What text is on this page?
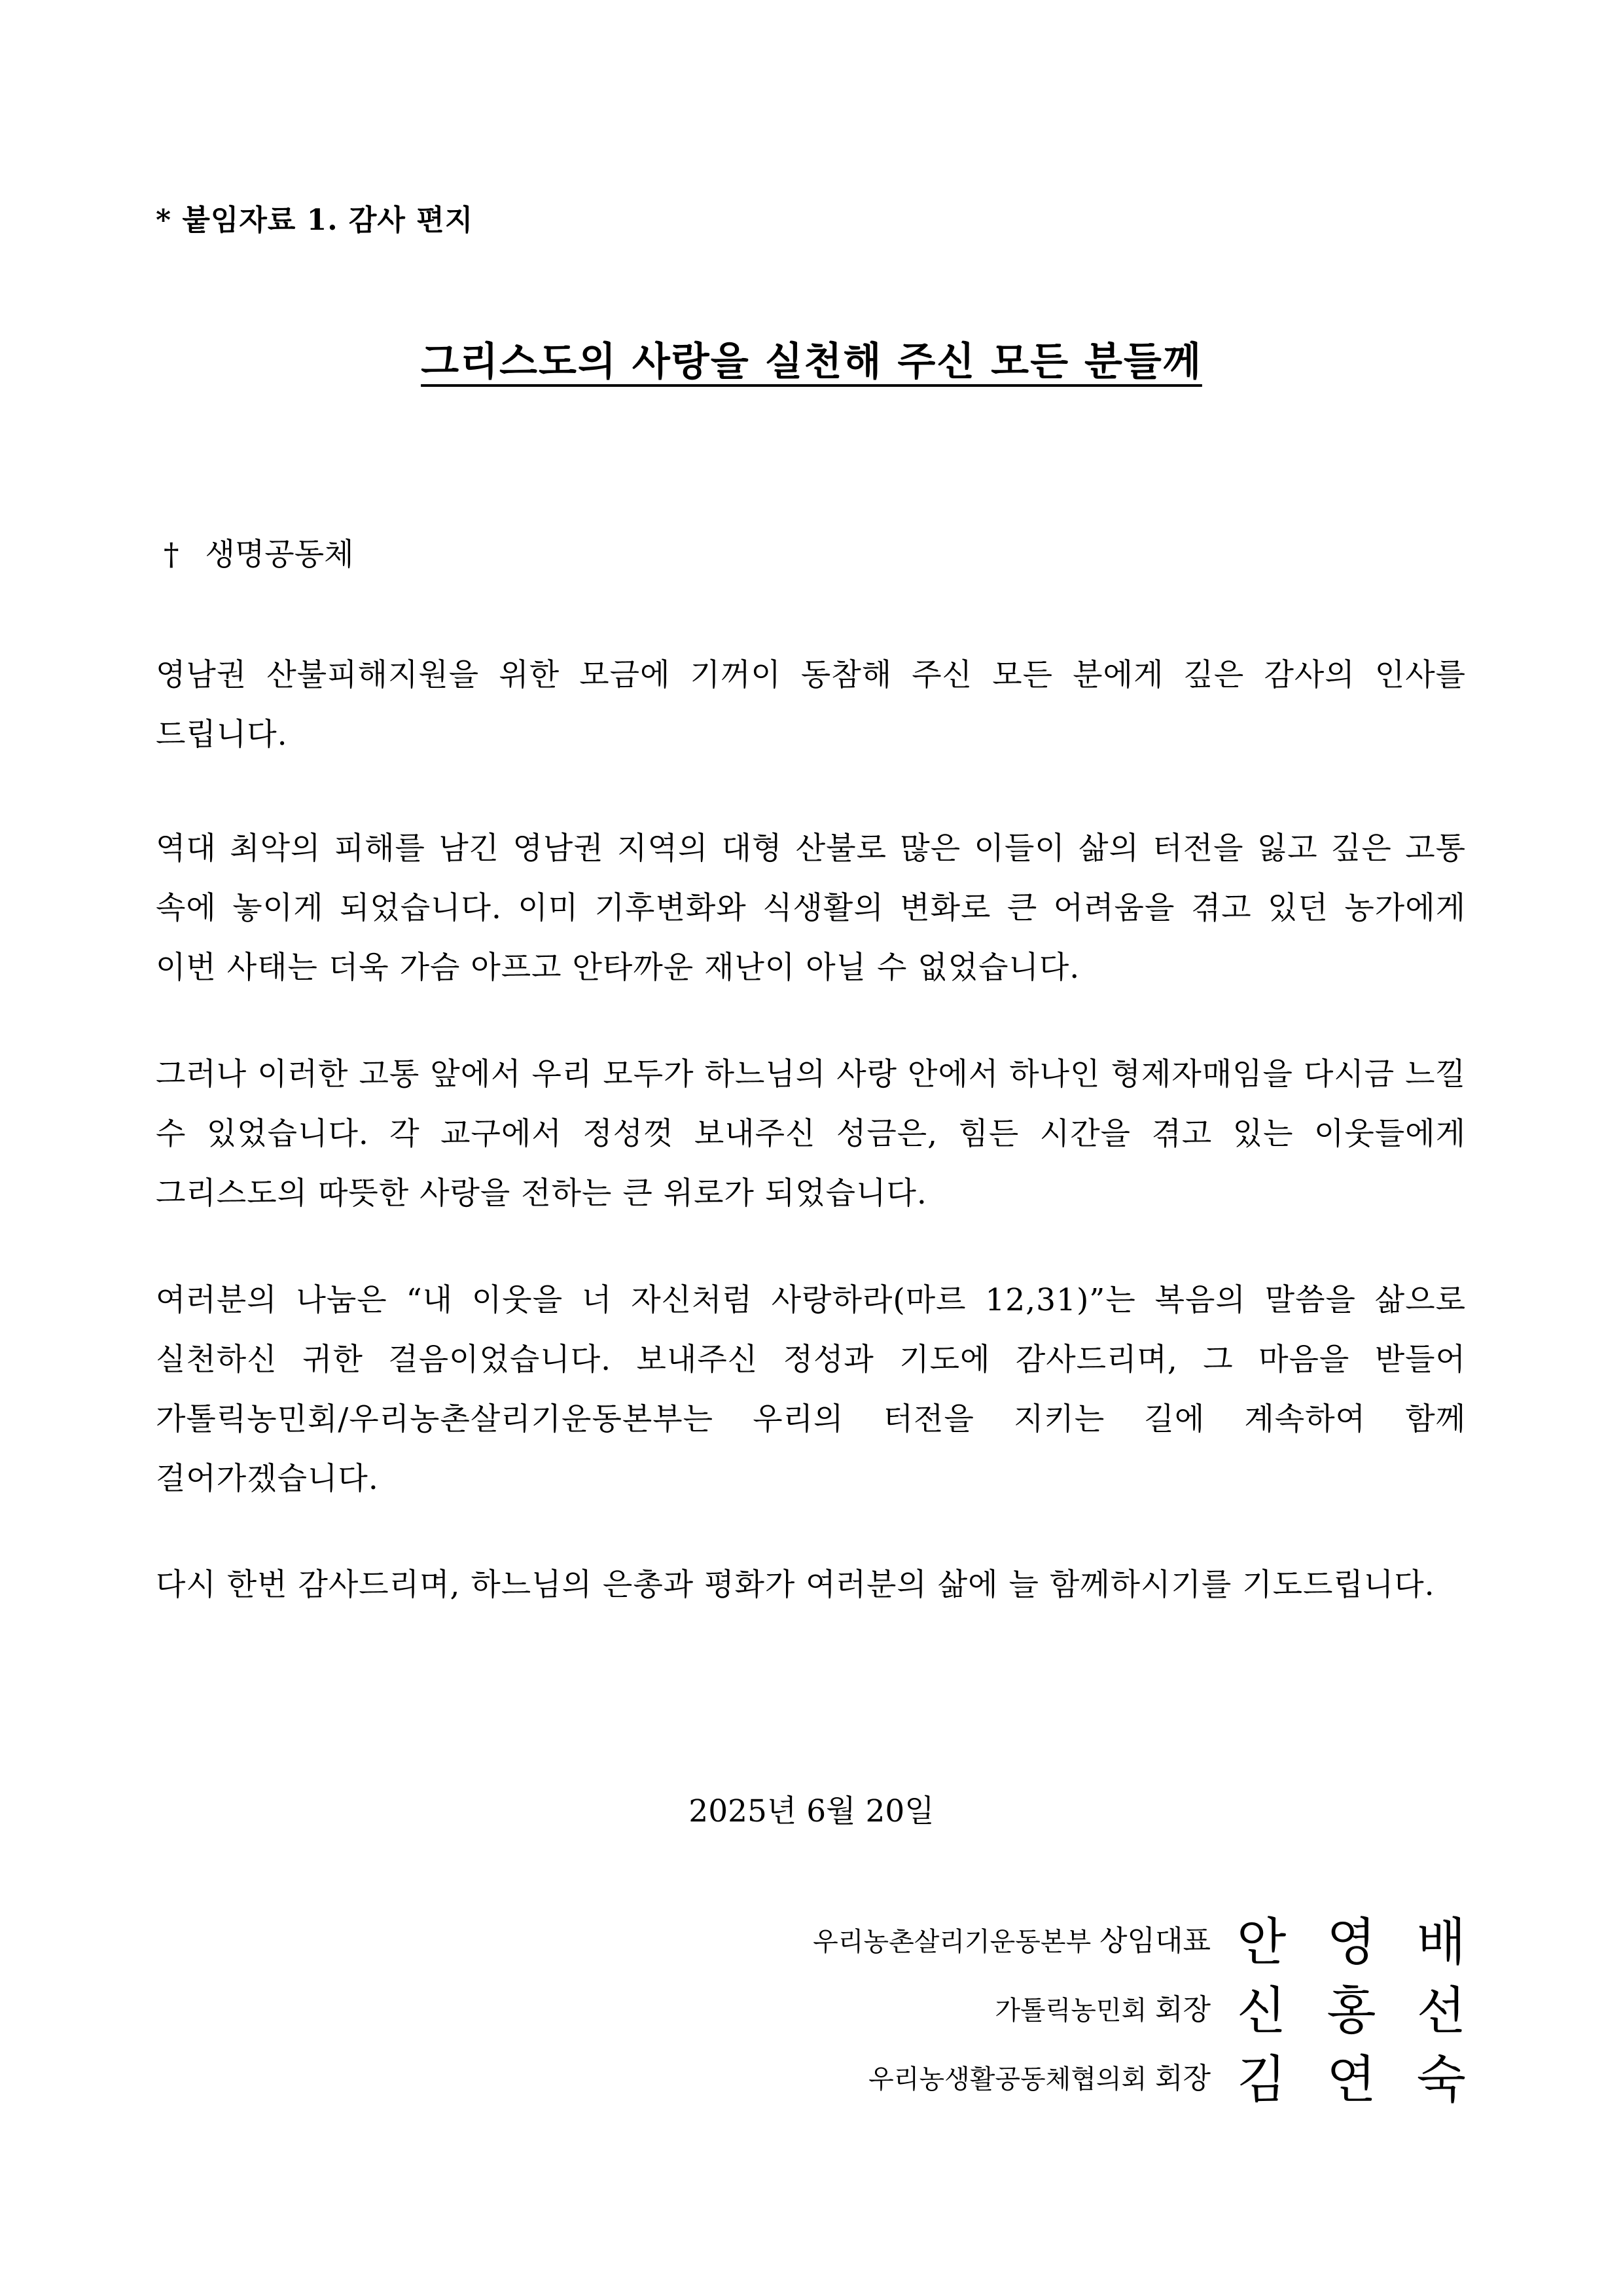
* 붙임자료 1. 감사 편지
그리스도의 사랑을 실천해 주신 모든 분들께
† 생명공동체
영남권 산불피해지원을 위한 모금에 기꺼이 동참해 주신 모든 분에게 깊은 감사의 인사를 드립니다.
역대 최악의 피해를 남긴 영남권 지역의 대형 산불로 많은 이들이 삶의 터전을 잃고 깊은 고통 속에 놓이게 되었습니다. 이미 기후변화와 식생활의 변화로 큰 어려움을 겪고 있던 농가에게 이번 사태는 더욱 가슴 아프고 안타까운 재난이 아닐 수 없었습니다.
그러나 이러한 고통 앞에서 우리 모두가 하느님의 사랑 안에서 하나인 형제자매임을 다시금 느낄 수 있었습니다. 각 교구에서 정성껏 보내주신 성금은, 힘든 시간을 겪고 있는 이웃들에게 그리스도의 따뜻한 사랑을 전하는 큰 위로가 되었습니다.
여러분의 나눔은 “내 이웃을 너 자신처럼 사랑하라(마르 12,31)”는 복음의 말씀을 삶으로 실천하신 귀한 걸음이었습니다. 보내주신 정성과 기도에 감사드리며, 그 마음을 받들어 가톨릭농민회/우리농촌살리기운동본부는 우리의 터전을 지키는 길에 계속하여 함께 걸어가겠습니다.
다시 한번 감사드리며, 하느님의 은총과 평화가 여러분의 삶에 늘 함께하시기를 기도드립니다.
2025년 6월 20일
우리농촌살리기운동본부 상임대표 안영배
가톨릭농민회 회장 신홍선
우리농생활공동체협의회 회장 김연숙
